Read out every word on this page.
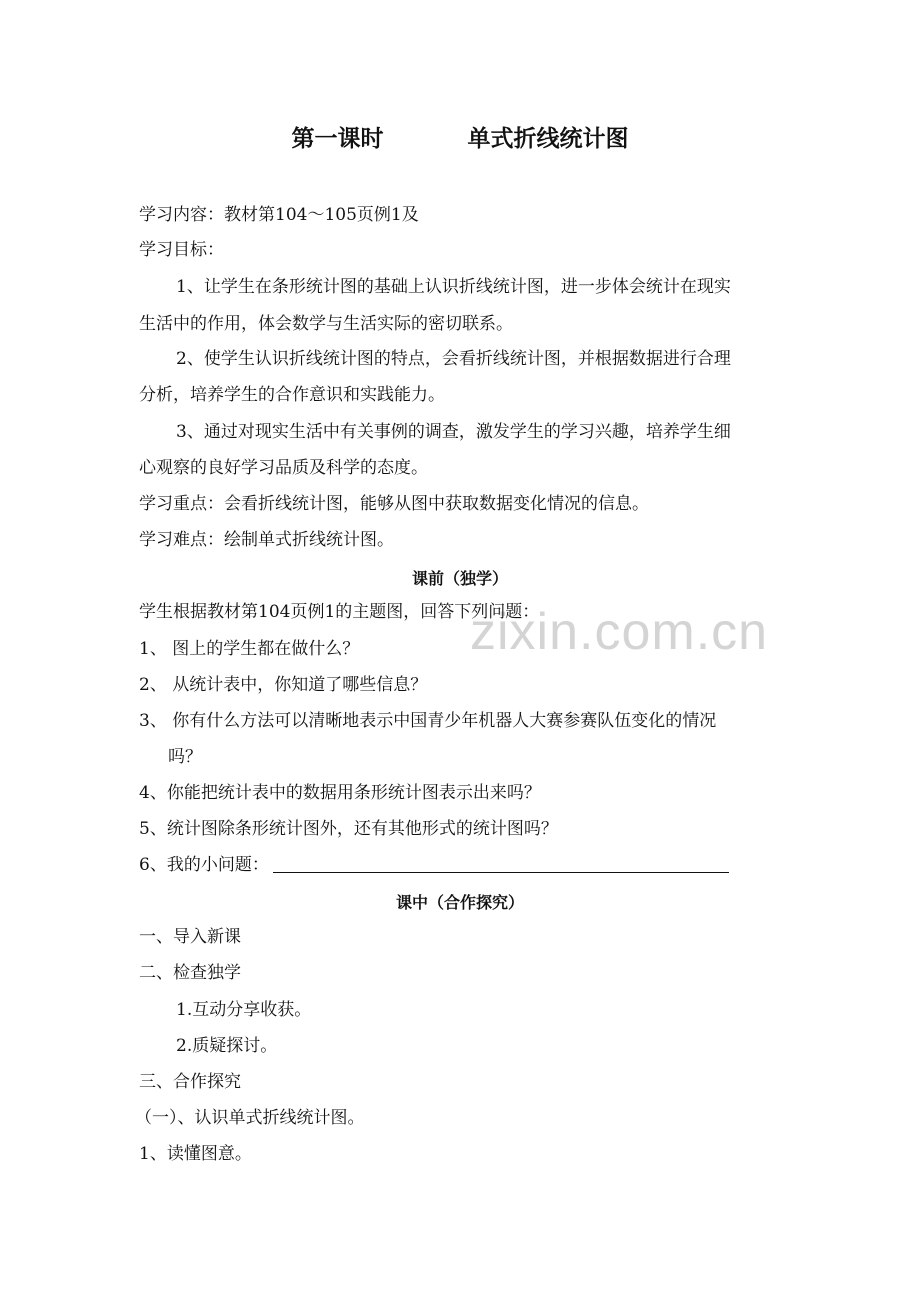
第一课时	单式折线统计图
学习内容：教材第104～105页例1及
学习目标：
1、让学生在条形统计图的基础上认识折线统计图，进一步体会统计在现实
生活中的作用，体会数学与生活实际的密切联系。
2、使学生认识折线统计图的特点，会看折线统计图，并根据数据进行合理
分析，培养学生的合作意识和实践能力。
3、通过对现实生活中有关事例的调查，激发学生的学习兴趣，培养学生细
心观察的良好学习品质及科学的态度。
学习重点：会看折线统计图，能够从图中获取数据变化情况的信息。
学习难点：绘制单式折线统计图。
课前（独学）
zixin.com.cn
学生根据教材第104页例1的主题图，回答下列问题：
1、 图上的学生都在做什么？
2、 从统计表中，你知道了哪些信息？
3、 你有什么方法可以清晰地表示中国青少年机器人大赛参赛队伍变化的情况
吗？
4、你能把统计表中的数据用条形统计图表示出来吗？
5、统计图除条形统计图外，还有其他形式的统计图吗？
6、我的小问题：
课中（合作探究）
一、导入新课
二、检查独学
1.互动分享收获。
2.质疑探讨。
三、合作探究
（一）、认识单式折线统计图。
1、读懂图意。
